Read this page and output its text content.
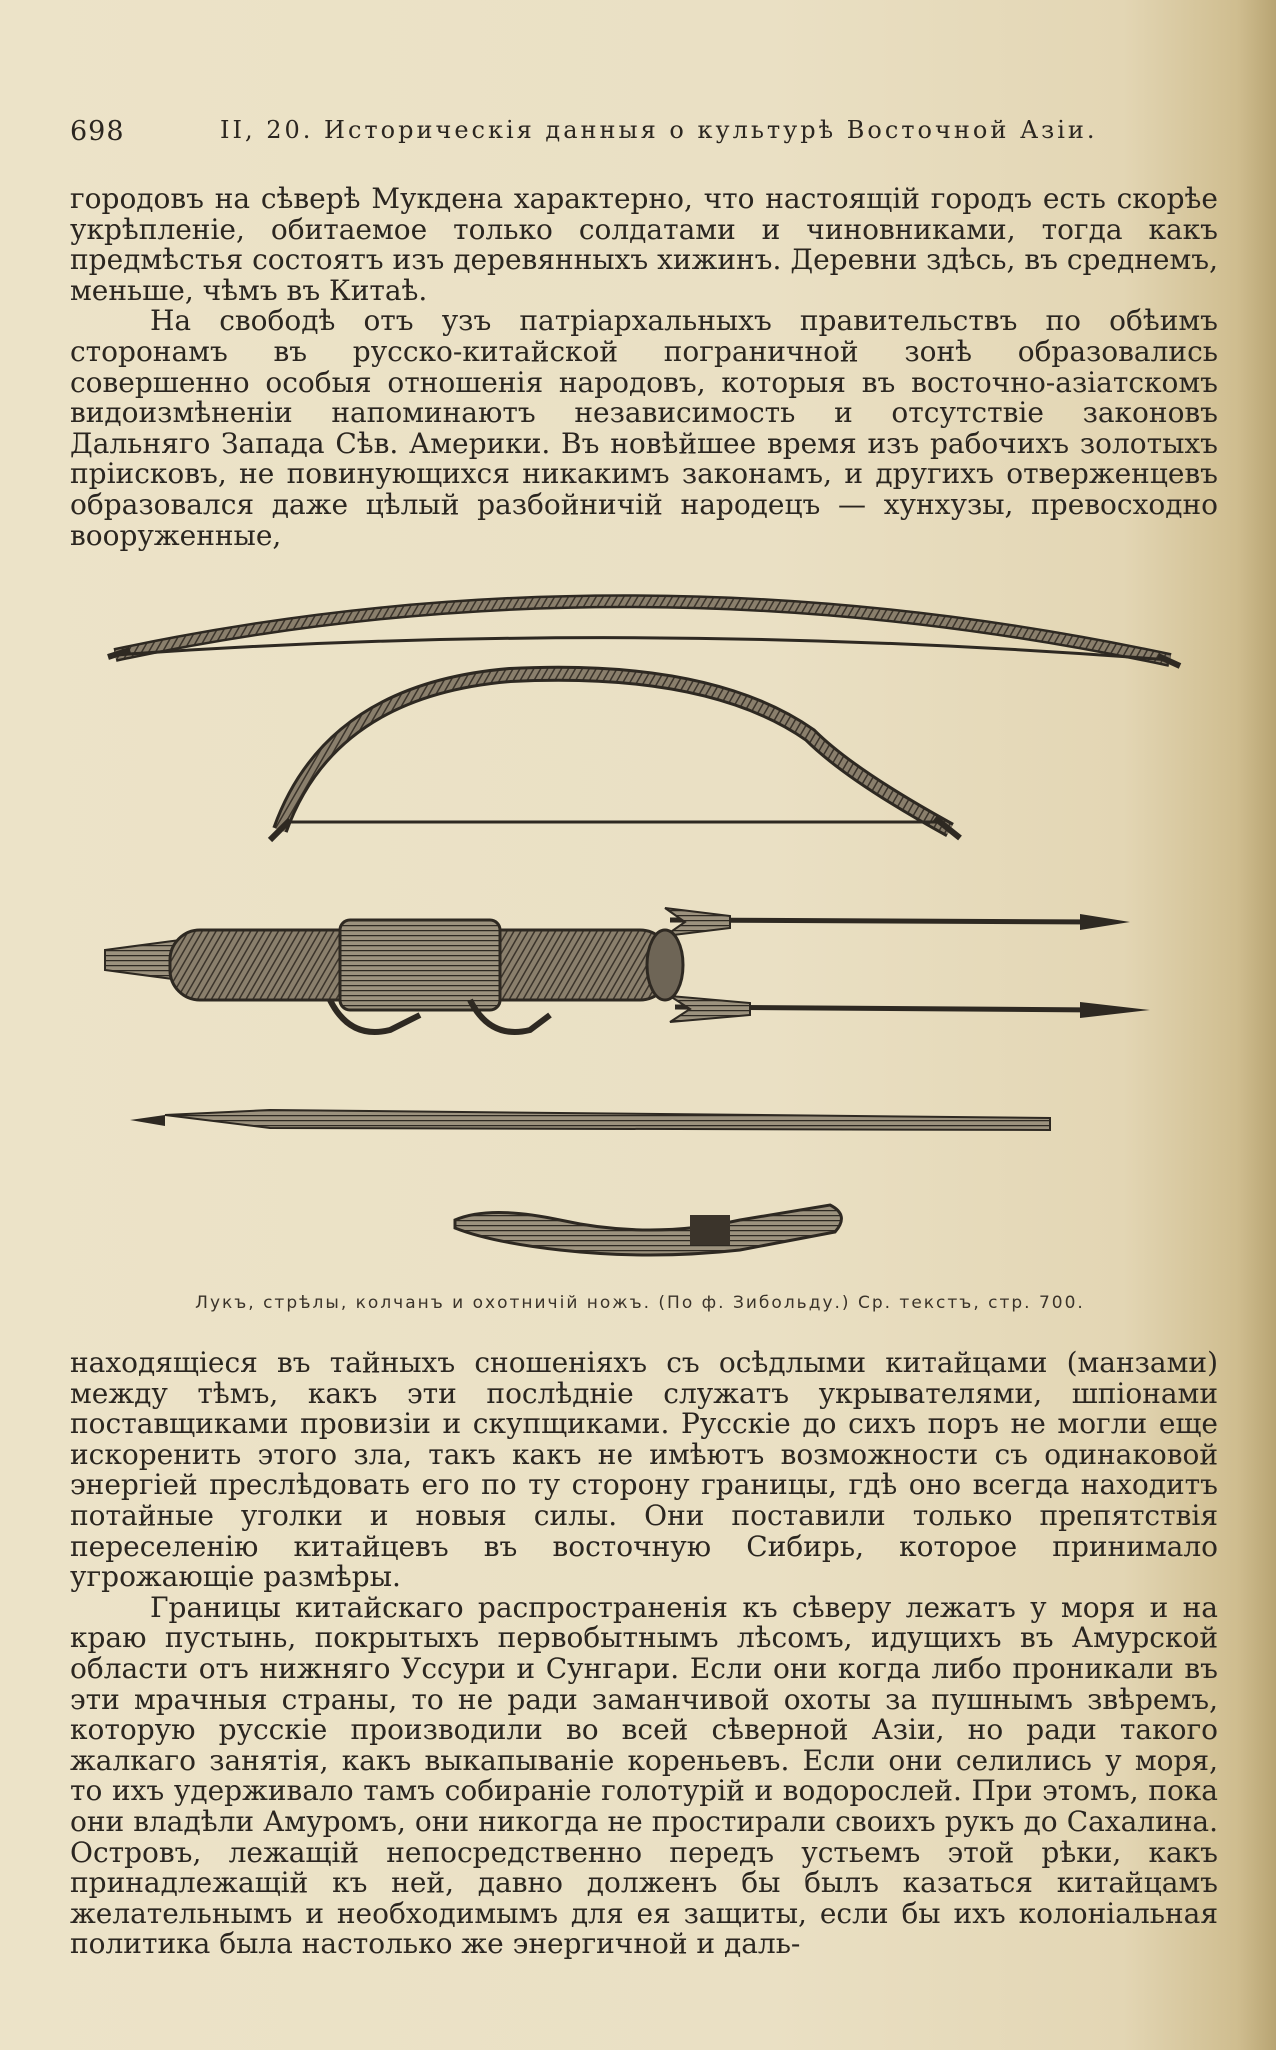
698	II, 20. Историческія данныя о культурѣ Восточной Азіи.

городовъ на сѣверѣ Мукдена характерно, что настоящій городъ есть скорѣе укрѣпленіе, обитаемое только солдатами и чиновниками, тогда какъ предмѣстья состоятъ изъ деревянныхъ хижинъ. Деревни здѣсь, въ среднемъ, меньше, чѣмъ въ Китаѣ.

На свободѣ отъ узъ патріархальныхъ правительствъ по обѣимъ сторонамъ въ русско-китайской пограничной зонѣ образовались совершенно особыя отношенія народовъ, которыя въ восточно-азіатскомъ видоизмѣненіи напоминаютъ независимость и отсутствіе законовъ Дальняго Запада Сѣв. Америки. Въ новѣйшее время изъ рабочихъ золотыхъ пріисковъ, не повинующихся никакимъ законамъ, и другихъ отверженцевъ образовался даже цѣлый разбойничій народецъ — хунхузы, превосходно вооруженные,

Лукъ, стрѣлы, колчанъ и охотничій ножъ. (По ф. Зибольду.) Ср. текстъ, стр. 700.

находящіеся въ тайныхъ сношеніяхъ съ осѣдлыми китайцами (манзами) между тѣмъ, какъ эти послѣдніе служатъ укрывателями, шпіонами поставщиками провизіи и скупщиками. Русскіе до сихъ поръ не могли еще искоренить этого зла, такъ какъ не имѣютъ возможности съ одинаковой энергіей преслѣдовать его по ту сторону границы, гдѣ оно всегда находитъ потайные уголки и новыя силы. Они поставили только препятствія переселенію китайцевъ въ восточную Сибирь, которое принимало угрожающіе размѣры.

Границы китайскаго распространенія къ сѣверу лежатъ у моря и на краю пустынь, покрытыхъ первобытнымъ лѣсомъ, идущихъ въ Амурской области отъ нижняго Уссури и Сунгари. Если они когда либо проникали въ эти мрачныя страны, то не ради заманчивой охоты за пушнымъ звѣремъ, которую русскіе производили во всей сѣверной Азіи, но ради такого жалкаго занятія, какъ выкапываніе кореньевъ. Если они селились у моря, то ихъ удерживало тамъ собираніе голотурій и водорослей. При этомъ, пока они владѣли Амуромъ, они никогда не простирали своихъ рукъ до Сахалина. Островъ, лежащій непосредственно передъ устьемъ этой рѣки, какъ принадлежащій къ ней, давно долженъ бы былъ казаться китайцамъ желательнымъ и необходимымъ для ея защиты, если бы ихъ колоніальная политика была настолько же энергичной и даль-
